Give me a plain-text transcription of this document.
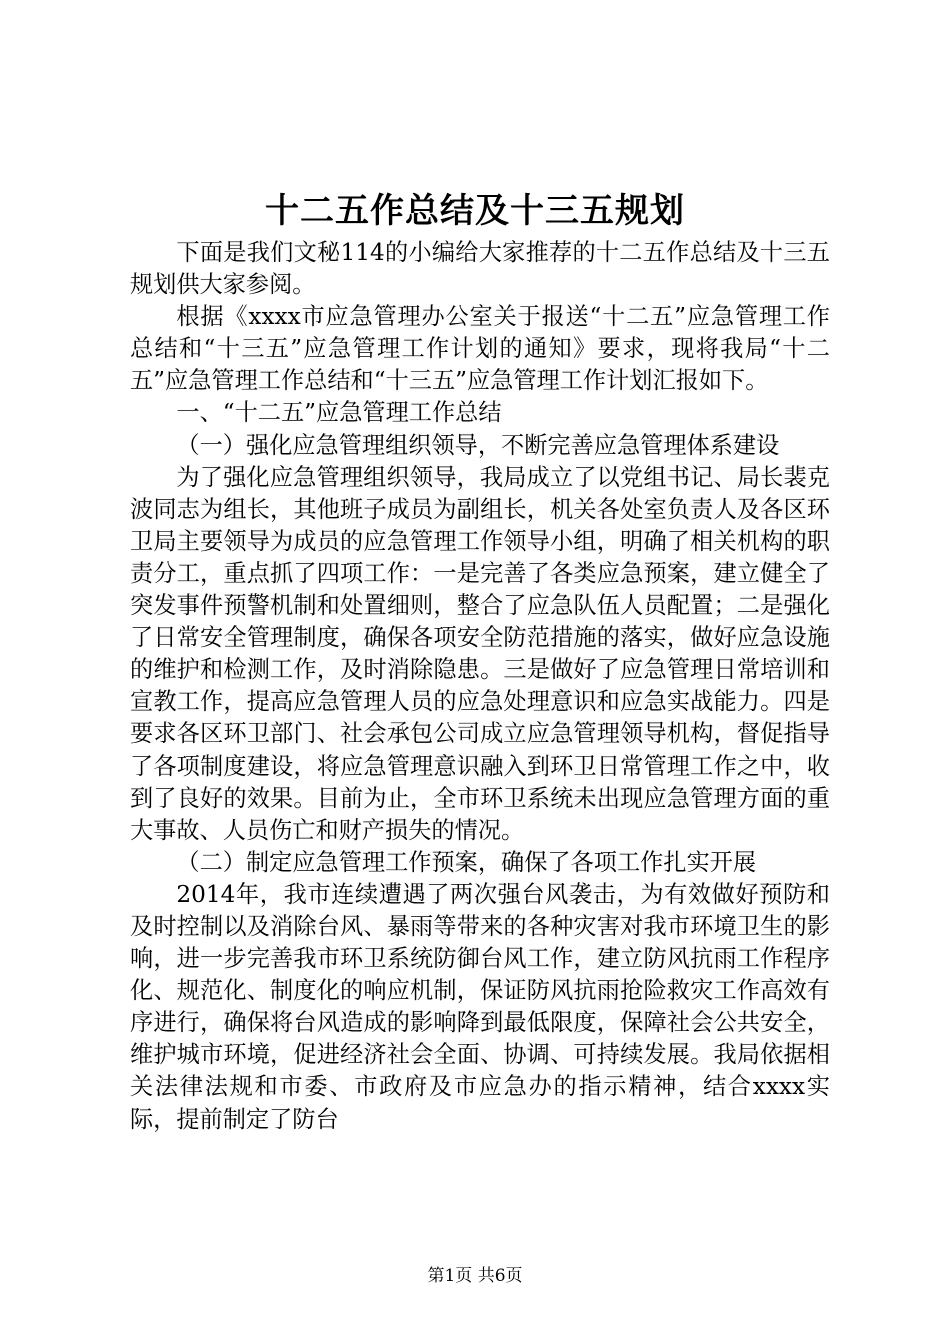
十二五作总结及十三五规划

下面是我们文秘114的小编给大家推荐的十二五作总结及十三五规划供大家参阅。

根据《xxxx市应急管理办公室关于报送“十二五”应急管理工作总结和“十三五”应急管理工作计划的通知》要求，现将我局“十二五”应急管理工作总结和“十三五”应急管理工作计划汇报如下。

一、“十二五”应急管理工作总结

（一）强化应急管理组织领导，不断完善应急管理体系建设

为了强化应急管理组织领导，我局成立了以党组书记、局长裴克波同志为组长，其他班子成员为副组长，机关各处室负责人及各区环卫局主要领导为成员的应急管理工作领导小组，明确了相关机构的职责分工，重点抓了四项工作：一是完善了各类应急预案，建立健全了突发事件预警机制和处置细则，整合了应急队伍人员配置；二是强化了日常安全管理制度，确保各项安全防范措施的落实，做好应急设施的维护和检测工作，及时消除隐患。三是做好了应急管理日常培训和宣教工作，提高应急管理人员的应急处理意识和应急实战能力。四是要求各区环卫部门、社会承包公司成立应急管理领导机构，督促指导了各项制度建设，将应急管理意识融入到环卫日常管理工作之中，收到了良好的效果。目前为止，全市环卫系统未出现应急管理方面的重大事故、人员伤亡和财产损失的情况。

（二）制定应急管理工作预案，确保了各项工作扎实开展

2014年，我市连续遭遇了两次强台风袭击，为有效做好预防和及时控制以及消除台风、暴雨等带来的各种灾害对我市环境卫生的影响，进一步完善我市环卫系统防御台风工作，建立防风抗雨工作程序化、规范化、制度化的响应机制，保证防风抗雨抢险救灾工作高效有序进行，确保将台风造成的影响降到最低限度，保障社会公共安全，维护城市环境，促进经济社会全面、协调、可持续发展。我局依据相关法律法规和市委、市政府及市应急办的指示精神，结合xxxx实际，提前制定了防台

第1页 共6页
